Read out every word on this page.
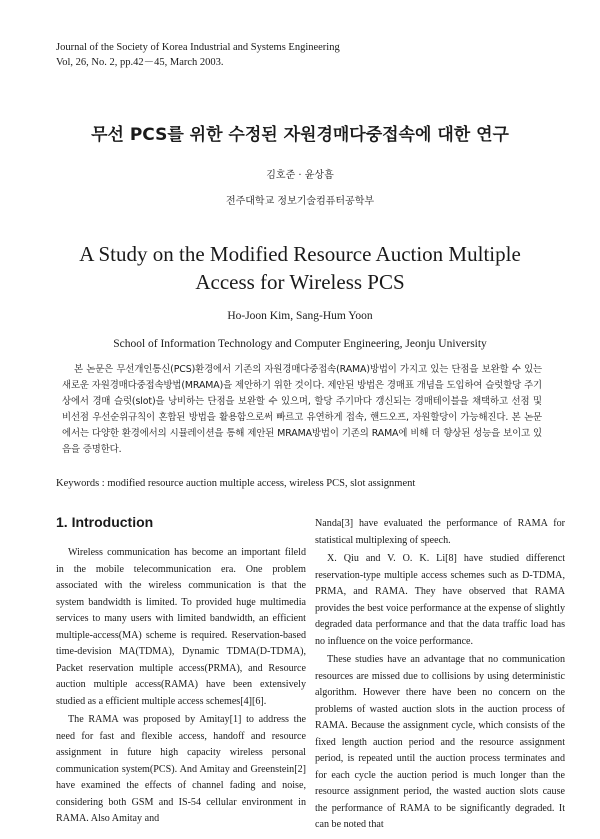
Journal of the Society of Korea Industrial and Systems Engineering
Vol, 26, No. 2, pp.42－45, March 2003.
무선 PCS를 위한 수정된 자원경매다중접속에 대한 연구
김호준 · 윤상흠
전주대학교 정보기술컴퓨터공학부
A Study on the Modified Resource Auction Multiple
Access for Wireless PCS
Ho-Joon Kim, Sang-Hum Yoon
School of Information Technology and Computer Engineering, Jeonju University
본 논문은 무선개인통신(PCS)환경에서 기존의 자원경매다중접속(RAMA)방법이 가지고 있는 단점을 보완할 수 있는 새로운 자원경매다중접속방법(MRAMA)을 제안하기 위한 것이다. 제안된 방법은 경매표 개념을 도입하여 슬럿할당 주기 상에서 경매 슬럿(slot)을 낭비하는 단점을 보완할 수 있으며, 할당 주기마다 갱신되는 경매테이블을 채택하고 선점 및 비선점 우선순위규칙이 혼합된 방법을 활용함으로써 빠르고 유연하게 접속, 핸드오프, 자원할당이 가능해진다. 본 논문에서는 다양한 환경에서의 시뮬레이션을 통해 제안된 MRAMA방법이 기존의 RAMA에 비해 더 향상된 성능을 보이고 있음을 증명한다.
Keywords : modified resource auction multiple access, wireless PCS, slot assignment
1. Introduction

Wireless communication has become an important fileld in the mobile telecommunication era. One problem associated with the wireless communication is that the system bandwidth is limited. To provided huge multimedia services to many users with limited bandwidth, an efficient multiple-access(MA) scheme is required. Reservation-based time-devision MA(TDMA), Dynamic TDMA(D-TDMA), Packet reservation multiple access(PRMA), and Resource auction multiple access(RAMA) have been extensively studied as a efficient multiple access schemes[4][6].

The RAMA was proposed by Amitay[1] to address the need for fast and flexible access, handoff and resource assignment in future high capacity wireless personal communication system(PCS). And Amitay and Greenstein[2] have examined the effects of channel fading and noise, considering both GSM and IS-54 cellular environment in RAMA. Also Amitay and

Nanda[3] have evaluated the performance of RAMA for statistical multiplexing of speech.

X. Qiu and V. O. K. Li[8] have studied differenct reservation-type multiple access schemes such as D-TDMA, PRMA, and RAMA. They have observed that RAMA provides the best voice performance at the expense of slightly degraded data performance and that the data traffic load has no influence on the voice performance.

These studies have an advantage that no communication resources are missed due to collisions by using deterministic algorithm. However there have been no concern on the problems of wasted auction slots in the auction process of RAMA. Because the assignment cycle, which consists of the fixed length auction period and the resource assignment period, is repeated until the auction process terminates and for each cycle the auction period is much longer than the resource assignment period, the wasted auction slots cause the performance of RAMA to be significantly degraded. It can be noted that
